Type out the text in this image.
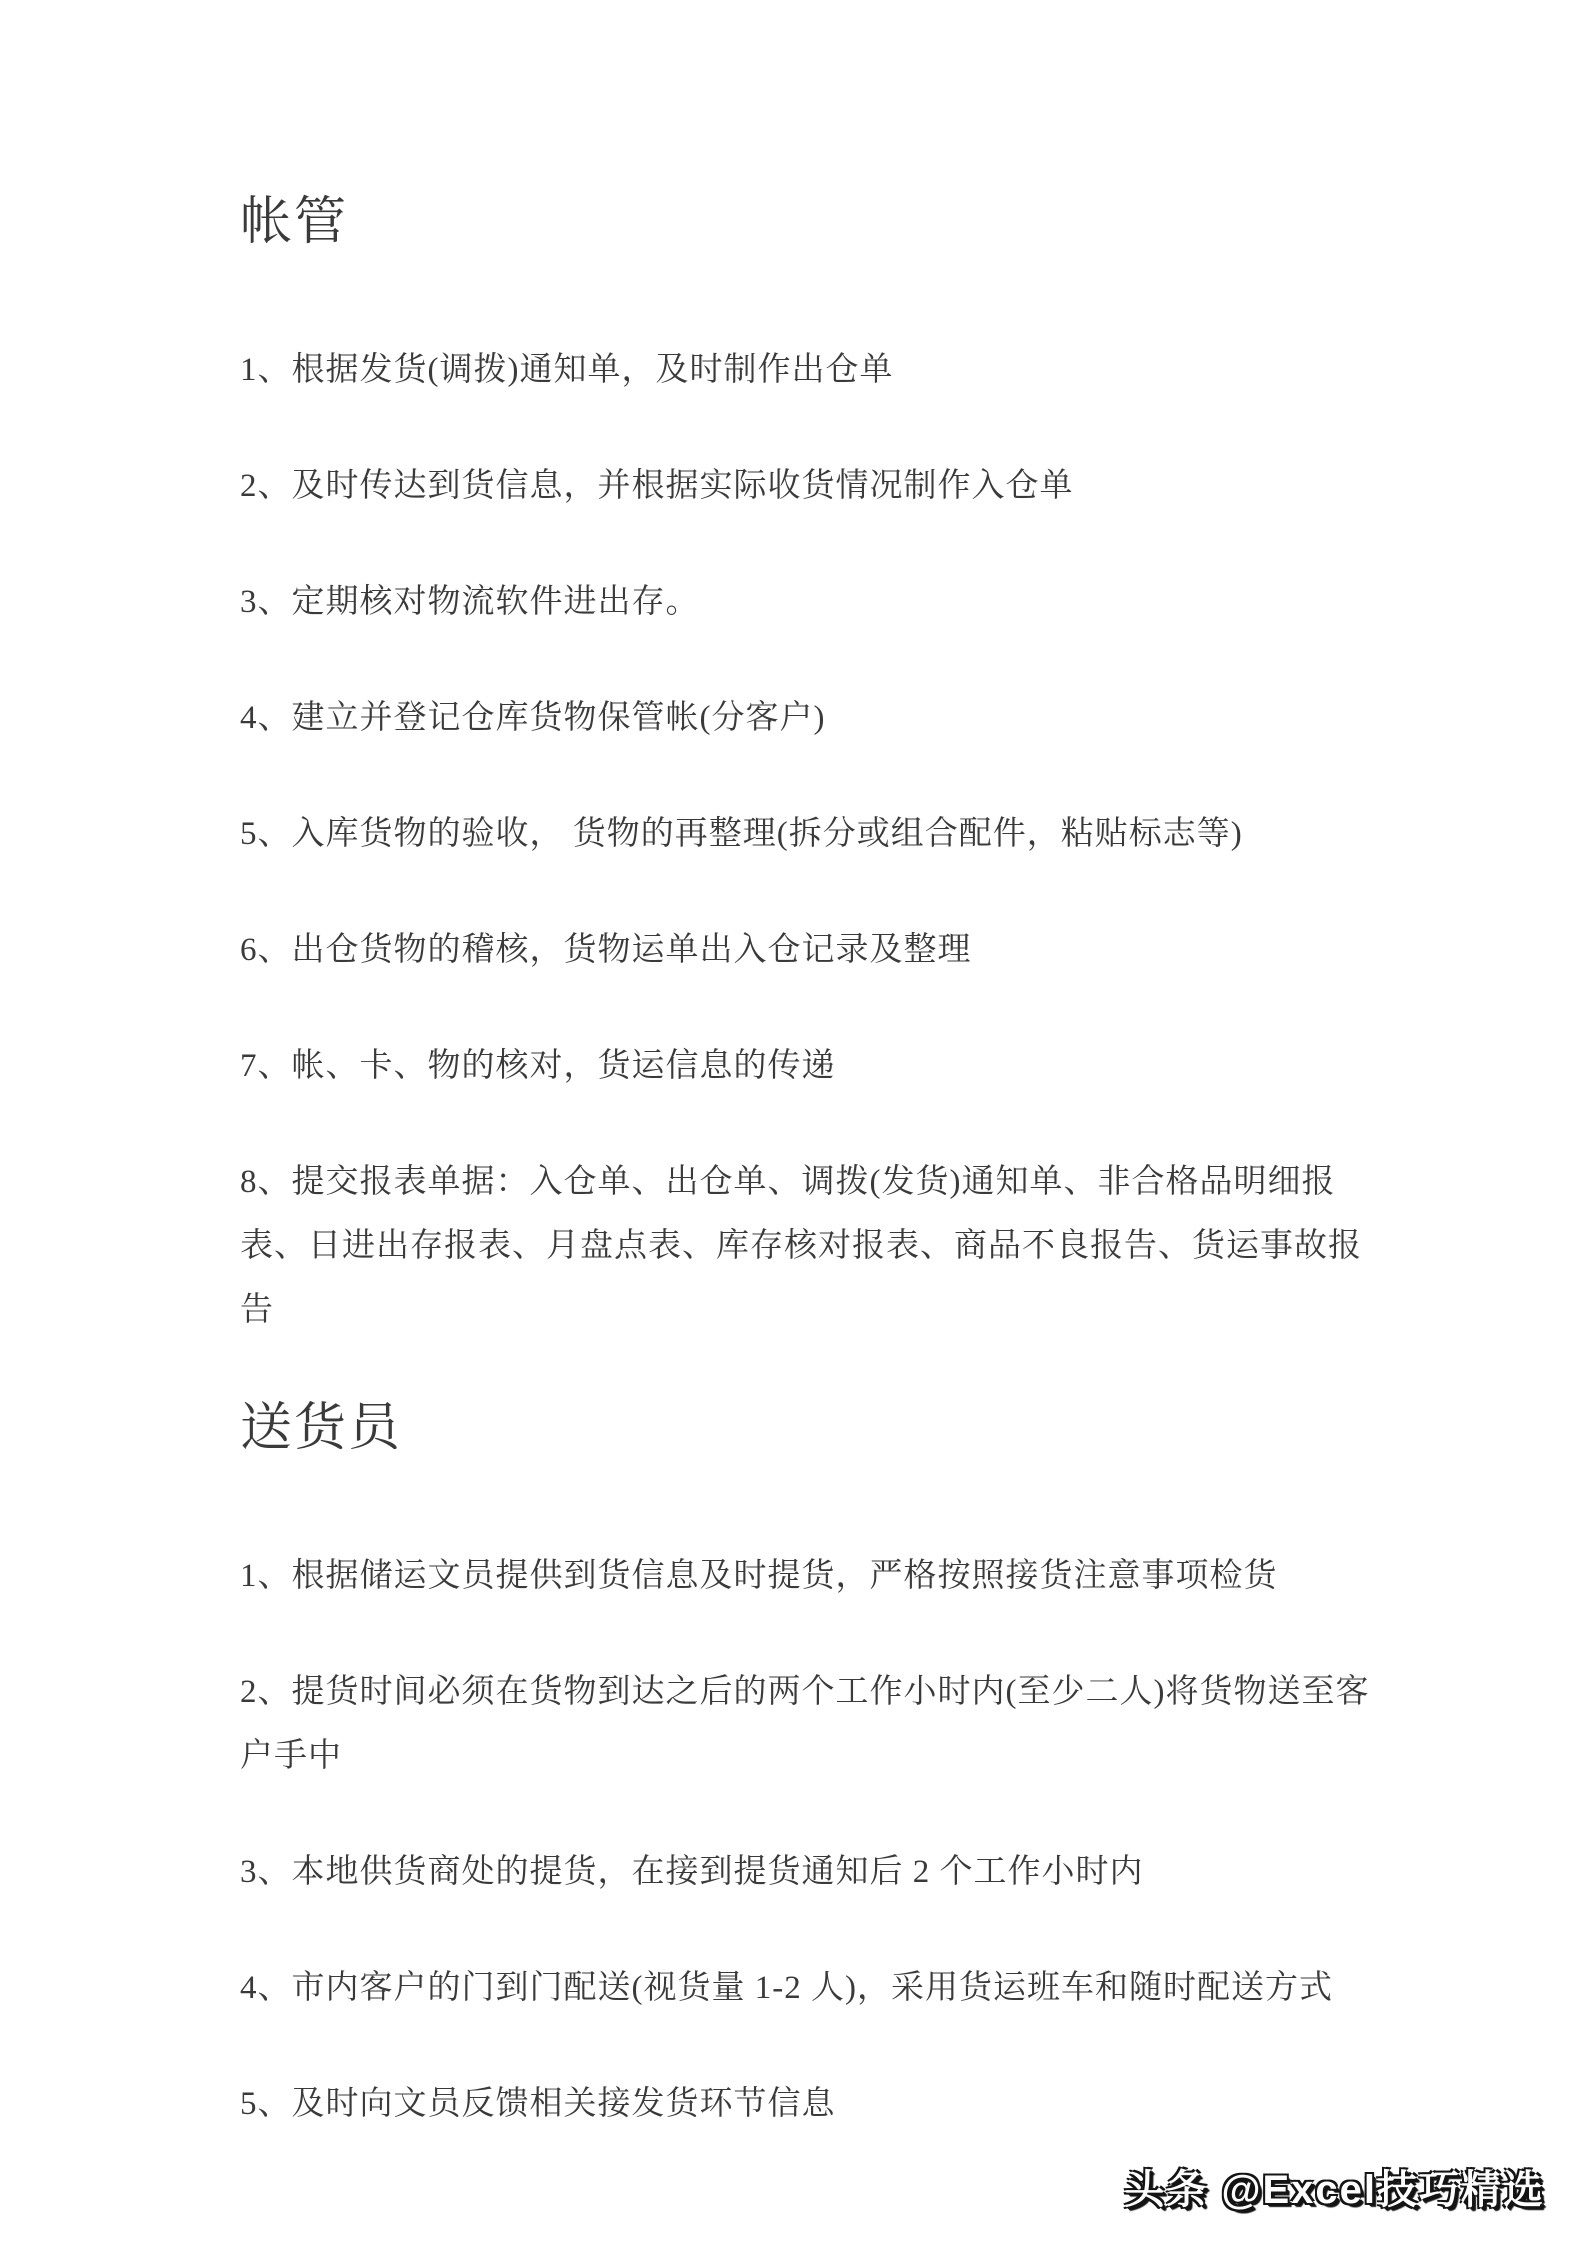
帐管

1、根据发货(调拨)通知单，及时制作出仓单

2、及时传达到货信息，并根据实际收货情况制作入仓单

3、定期核对物流软件进出存。

4、建立并登记仓库货物保管帐(分客户)

5、入库货物的验收， 货物的再整理(拆分或组合配件，粘贴标志等)

6、出仓货物的稽核，货物运单出入仓记录及整理

7、帐、卡、物的核对，货运信息的传递

8、提交报表单据：入仓单、出仓单、调拨(发货)通知单、非合格品明细报表、日进出存报表、月盘点表、库存核对报表、商品不良报告、货运事故报告

送货员

1、根据储运文员提供到货信息及时提货，严格按照接货注意事项检货

2、提货时间必须在货物到达之后的两个工作小时内(至少二人)将货物送至客户手中

3、本地供货商处的提货，在接到提货通知后 2 个工作小时内

4、市内客户的门到门配送(视货量 1-2 人)，采用货运班车和随时配送方式

5、及时向文员反馈相关接发货环节信息

头条 @Excel技巧精选
